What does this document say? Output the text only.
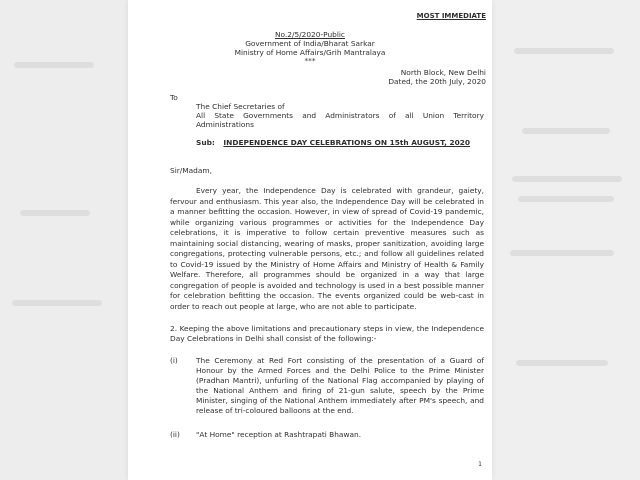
MOST IMMEDIATE
No.2/5/2020-Public
Government of India/Bharat Sarkar
Ministry of Home Affairs/Grih Mantralaya
***
North Block, New Delhi
Dated, the 20th July, 2020
To
The Chief Secretaries of
All State Governments and Administrators of all Union Territory Administrations
Sub: INDEPENDENCE DAY CELEBRATIONS ON 15th AUGUST, 2020
Sir/Madam,
Every year, the Independence Day is celebrated with grandeur, gaiety, fervour and enthusiasm. This year also, the Independence Day will be celebrated in a manner befitting the occasion. However, in view of spread of Covid-19 pandemic, while organizing various programmes or activities for the Independence Day celebrations, it is imperative to follow certain preventive measures such as maintaining social distancing, wearing of masks, proper sanitization, avoiding large congregations, protecting vulnerable persons, etc.; and follow all guidelines related to Covid-19 issued by the Ministry of Home Affairs and Ministry of Health & Family Welfare. Therefore, all programmes should be organized in a way that large congregation of people is avoided and technology is used in a best possible manner for celebration befitting the occasion. The events organized could be web-cast in order to reach out people at large, who are not able to participate.
2. Keeping the above limitations and precautionary steps in view, the Independence Day Celebrations in Delhi shall consist of the following:-
(i) The Ceremony at Red Fort consisting of the presentation of a Guard of Honour by the Armed Forces and the Delhi Police to the Prime Minister (Pradhan Mantri), unfurling of the National Flag accompanied by playing of the National Anthem and firing of 21-gun salute, speech by the Prime Minister, singing of the National Anthem immediately after PM's speech, and release of tri-coloured balloons at the end.
(ii) "At Home" reception at Rashtrapati Bhawan.
1
